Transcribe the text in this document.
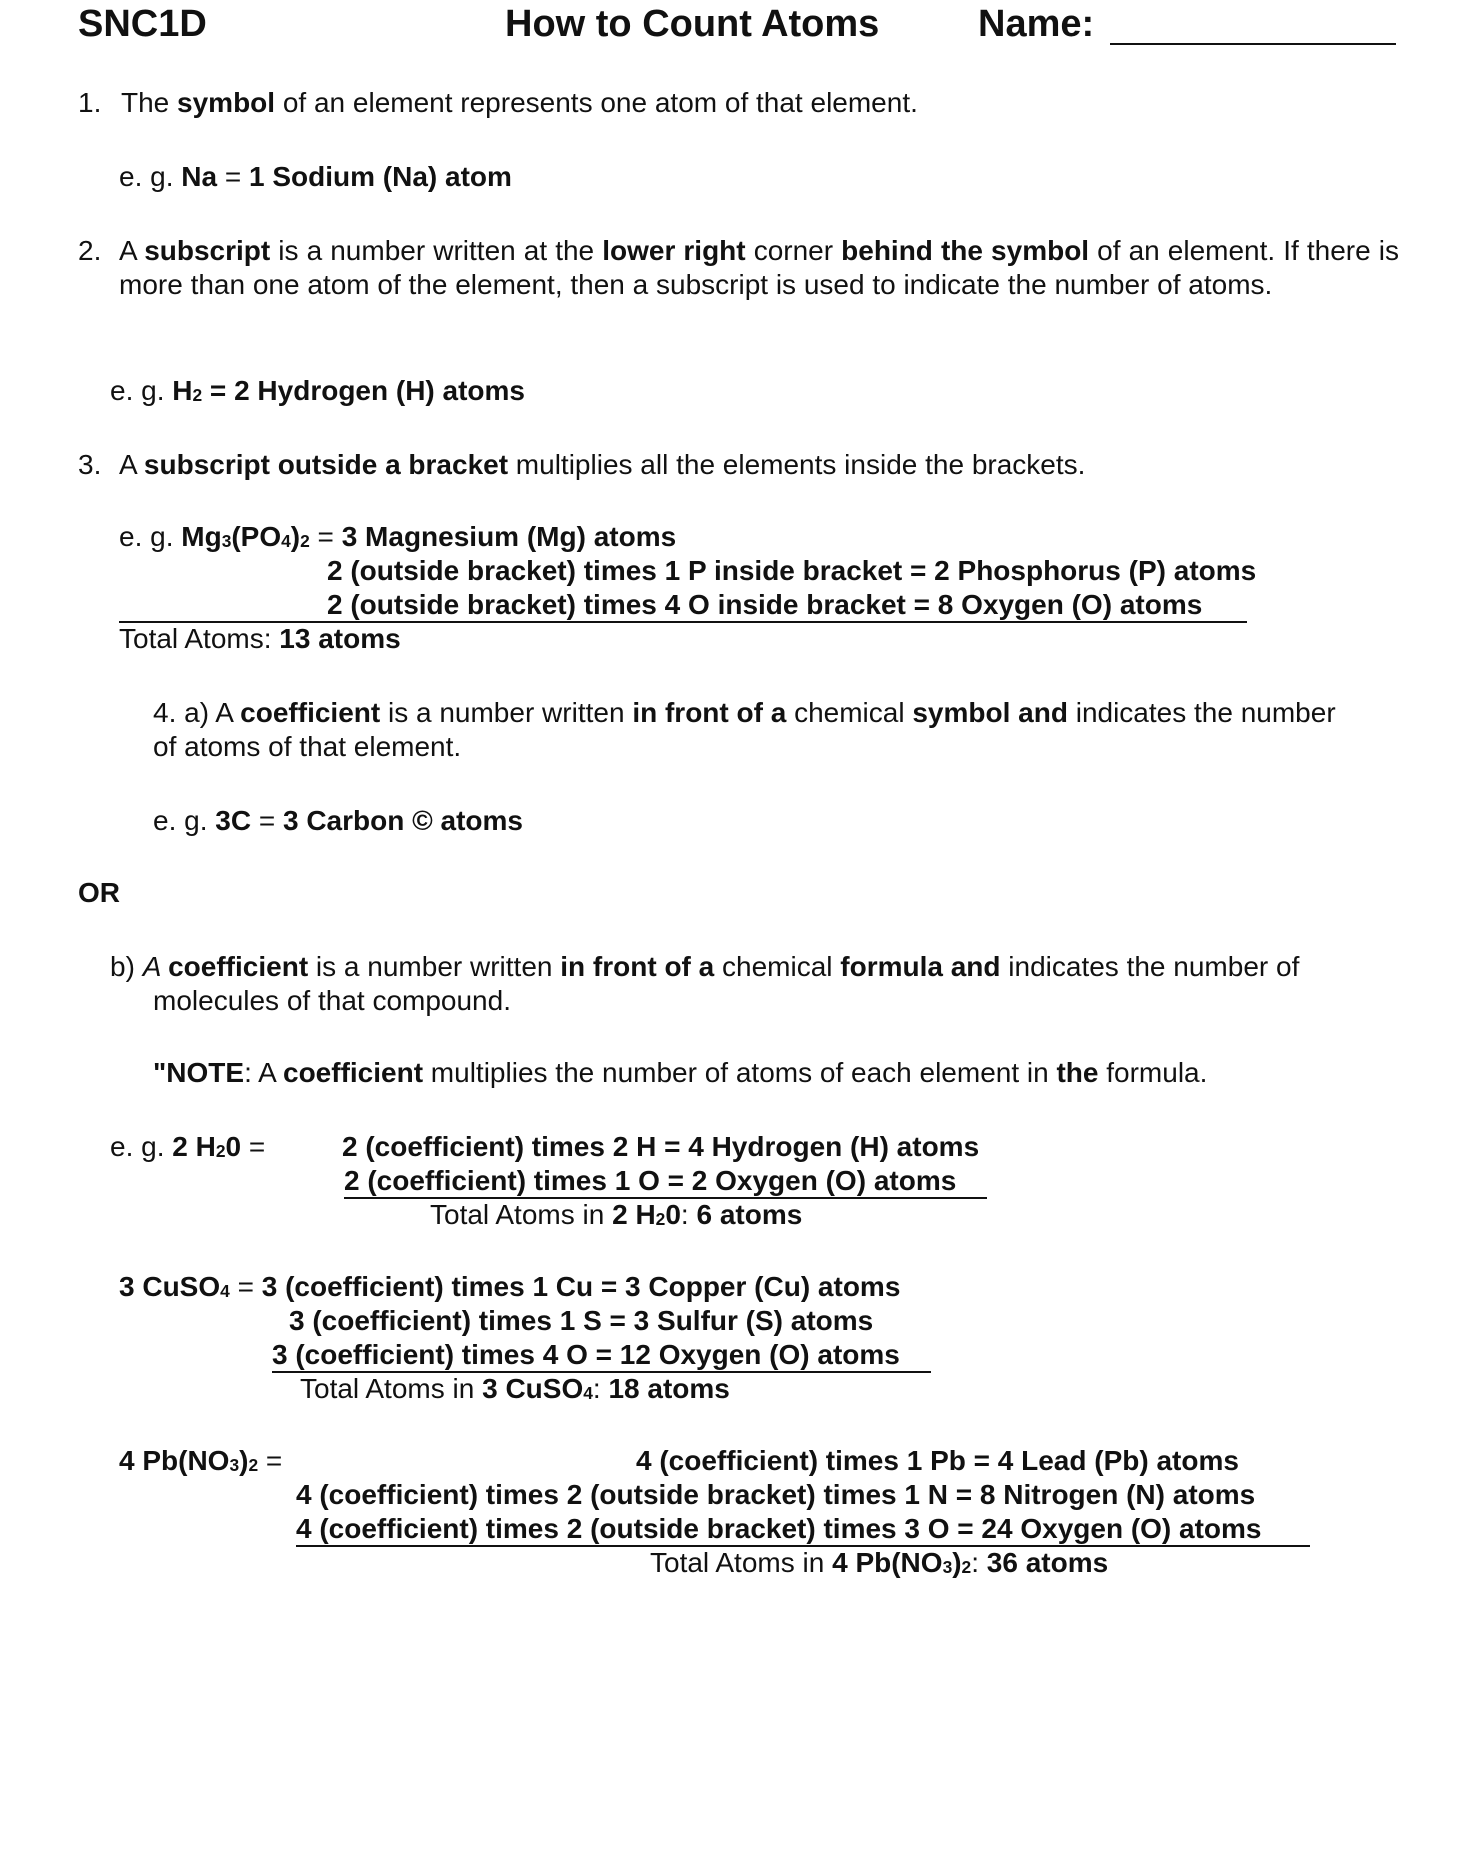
SNC1D	How to Count Atoms	Name:
1. The symbol of an element represents one atom of that element.
e. g. Na = 1 Sodium (Na) atom
2. A subscript is a number written at the lower right corner behind the symbol of an element. If there is more than one atom of the element, then a subscript is used to indicate the number of atoms.
e. g. $H_2 = 2$ Hydrogen (H) atoms
3. A subscript outside a bracket multiplies all the elements inside the brackets.
e. g. $Mg_3(PO_4)_2 = 3$ Magnesium (Mg) atoms
2 (outside bracket) times 1 P inside bracket = 2 Phosphorus (P) atoms
2 (outside bracket) times 4 O inside bracket = 8 Oxygen (O) atoms
Total Atoms: 13 atoms
4. a) A coefficient is a number written in front of a chemical symbol and indicates the number
of atoms of that element.
e. g. 3C = 3 Carbon © atoms
OR
b) A coefficient is a number written in front of a chemical formula and indicates the number of
molecules of that compound.
"NOTE: A coefficient multiplies the number of atoms of each element in the formula.
e. g. 2 $H_20$ =	2 (coefficient) times 2 H = 4 Hydrogen (H) atoms
2 (coefficient) times 1 O = 2 Oxygen (O) atoms
Total Atoms in 2 $H_20$: 6 atoms
3 CuSO$_4$ = 3 (coefficient) times 1 Cu = 3 Copper (Cu) atoms
3 (coefficient) times 1 S = 3 Sulfur (S) atoms
3 (coefficient) times 4 O = 12 Oxygen (O) atoms
Total Atoms in 3 CuSO$_4$: 18 atoms
4 $Pb(NO_3)_2$ =	4 (coefficient) times 1 Pb = 4 Lead (Pb) atoms
4 (coefficient) times 2 (outside bracket) times 1 N = 8 Nitrogen (N) atoms
4 (coefficient) times 2 (outside bracket) times 3 O = 24 Oxygen (O) atoms
Total Atoms in 4 $Pb(NO_3)_2$: 36 atoms
